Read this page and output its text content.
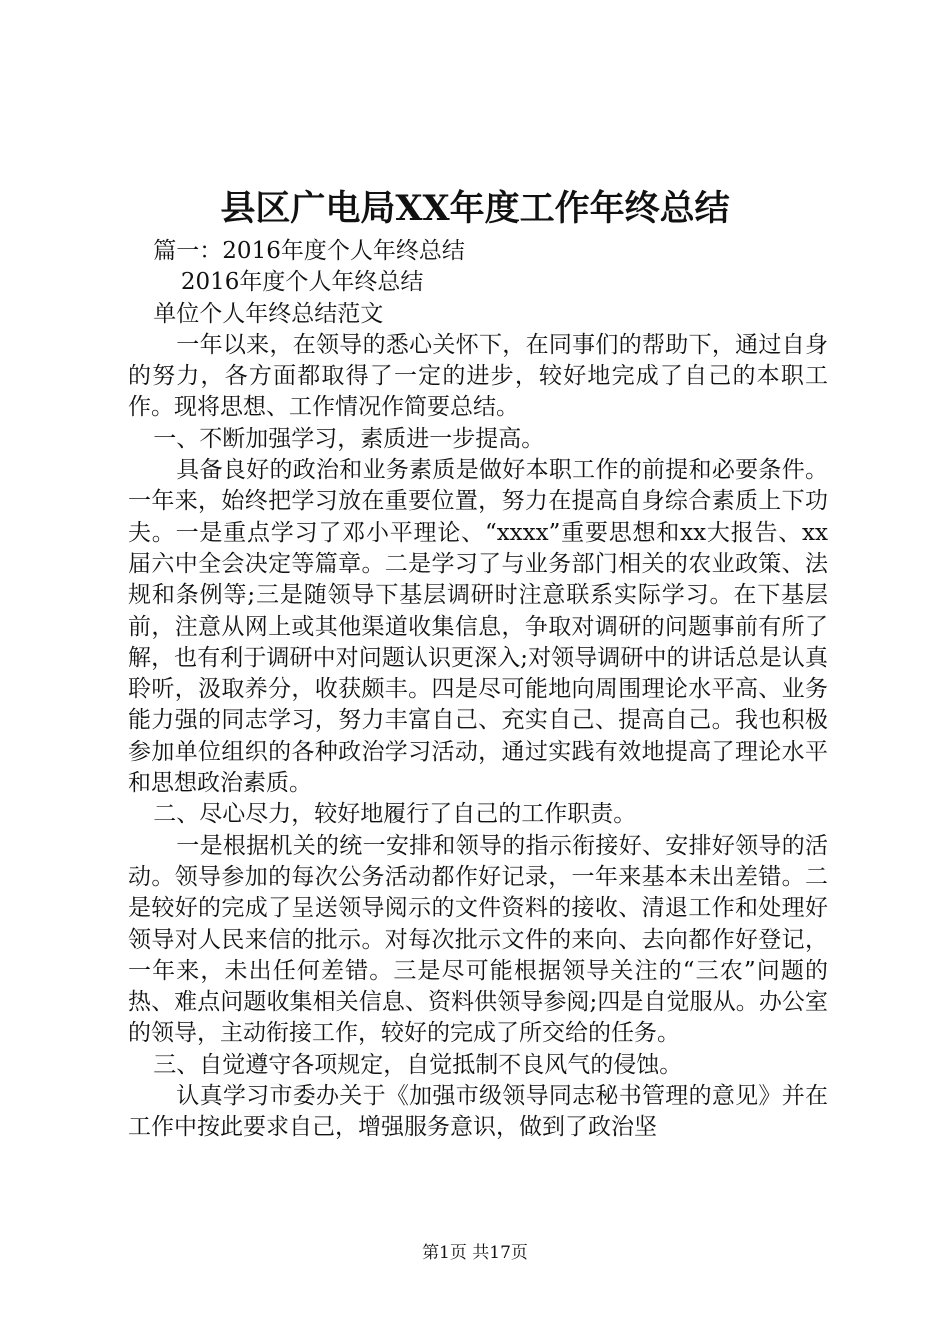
县区广电局XX年度工作年终总结

篇一：2016年度个人年终总结

2016年度个人年终总结

单位个人年终总结范文

一年以来，在领导的悉心关怀下，在同事们的帮助下，通过自身的努力，各方面都取得了一定的进步，较好地完成了自己的本职工作。现将思想、工作情况作简要总结。

一、不断加强学习，素质进一步提高。

具备良好的政治和业务素质是做好本职工作的前提和必要条件。一年来，始终把学习放在重要位置，努力在提高自身综合素质上下功夫。一是重点学习了邓小平理论、“xxxx”重要思想和xx大报告、xx届六中全会决定等篇章。二是学习了与业务部门相关的农业政策、法规和条例等;三是随领导下基层调研时注意联系实际学习。在下基层前，注意从网上或其他渠道收集信息，争取对调研的问题事前有所了解，也有利于调研中对问题认识更深入;对领导调研中的讲话总是认真聆听，汲取养分，收获颇丰。四是尽可能地向周围理论水平高、业务能力强的同志学习，努力丰富自己、充实自己、提高自己。我也积极参加单位组织的各种政治学习活动，通过实践有效地提高了理论水平和思想政治素质。

二、尽心尽力，较好地履行了自己的工作职责。

一是根据机关的统一安排和领导的指示衔接好、安排好领导的活动。领导参加的每次公务活动都作好记录，一年来基本未出差错。二是较好的完成了呈送领导阅示的文件资料的接收、清退工作和处理好领导对人民来信的批示。对每次批示文件的来向、去向都作好登记，一年来，未出任何差错。三是尽可能根据领导关注的“三农”问题的热、难点问题收集相关信息、资料供领导参阅;四是自觉服从。办公室的领导，主动衔接工作，较好的完成了所交给的任务。

三、自觉遵守各项规定，自觉抵制不良风气的侵蚀。

认真学习市委办关于《加强市级领导同志秘书管理的意见》并在工作中按此要求自己，增强服务意识，做到了政治坚

第1页 共17页
